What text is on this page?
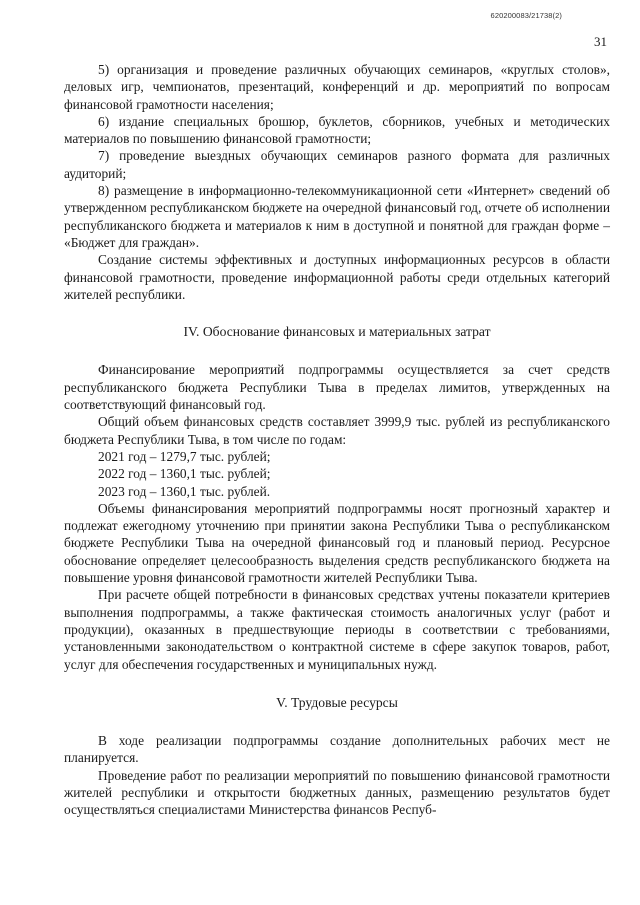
620200083/21738(2)
31

5) организация и проведение различных обучающих семинаров, «круглых столов», деловых игр, чемпионатов, презентаций, конференций и др. мероприятий по вопросам финансовой грамотности населения;

6) издание специальных брошюр, буклетов, сборников, учебных и методических материалов по повышению финансовой грамотности;

7) проведение выездных обучающих семинаров разного формата для различных аудиторий;

8) размещение в информационно-телекоммуникационной сети «Интернет» сведений об утвержденном республиканском бюджете на очередной финансовый год, отчете об исполнении республиканского бюджета и материалов к ним в доступной и понятной для граждан форме – «Бюджет для граждан».

Создание системы эффективных и доступных информационных ресурсов в области финансовой грамотности, проведение информационной работы среди отдельных категорий жителей республики.

IV. Обоснование финансовых и материальных затрат

Финансирование мероприятий подпрограммы осуществляется за счет средств республиканского бюджета Республики Тыва в пределах лимитов, утвержденных на соответствующий финансовый год.

Общий объем финансовых средств составляет 3999,9 тыс. рублей из республиканского бюджета Республики Тыва, в том числе по годам:

2021 год – 1279,7 тыс. рублей;

2022 год – 1360,1 тыс. рублей;

2023 год – 1360,1 тыс. рублей.

Объемы финансирования мероприятий подпрограммы носят прогнозный характер и подлежат ежегодному уточнению при принятии закона Республики Тыва о республиканском бюджете Республики Тыва на очередной финансовый год и плановый период. Ресурсное обоснование определяет целесообразность выделения средств республиканского бюджета на повышение уровня финансовой грамотности жителей Республики Тыва.

При расчете общей потребности в финансовых средствах учтены показатели критериев выполнения подпрограммы, а также фактическая стоимость аналогичных услуг (работ и продукции), оказанных в предшествующие периоды в соответствии с требованиями, установленными законодательством о контрактной системе в сфере закупок товаров, работ, услуг для обеспечения государственных и муниципальных нужд.

V. Трудовые ресурсы

В ходе реализации подпрограммы создание дополнительных рабочих мест не планируется.

Проведение работ по реализации мероприятий по повышению финансовой грамотности жителей республики и открытости бюджетных данных, размещению результатов будет осуществляться специалистами Министерства финансов Респуб-
